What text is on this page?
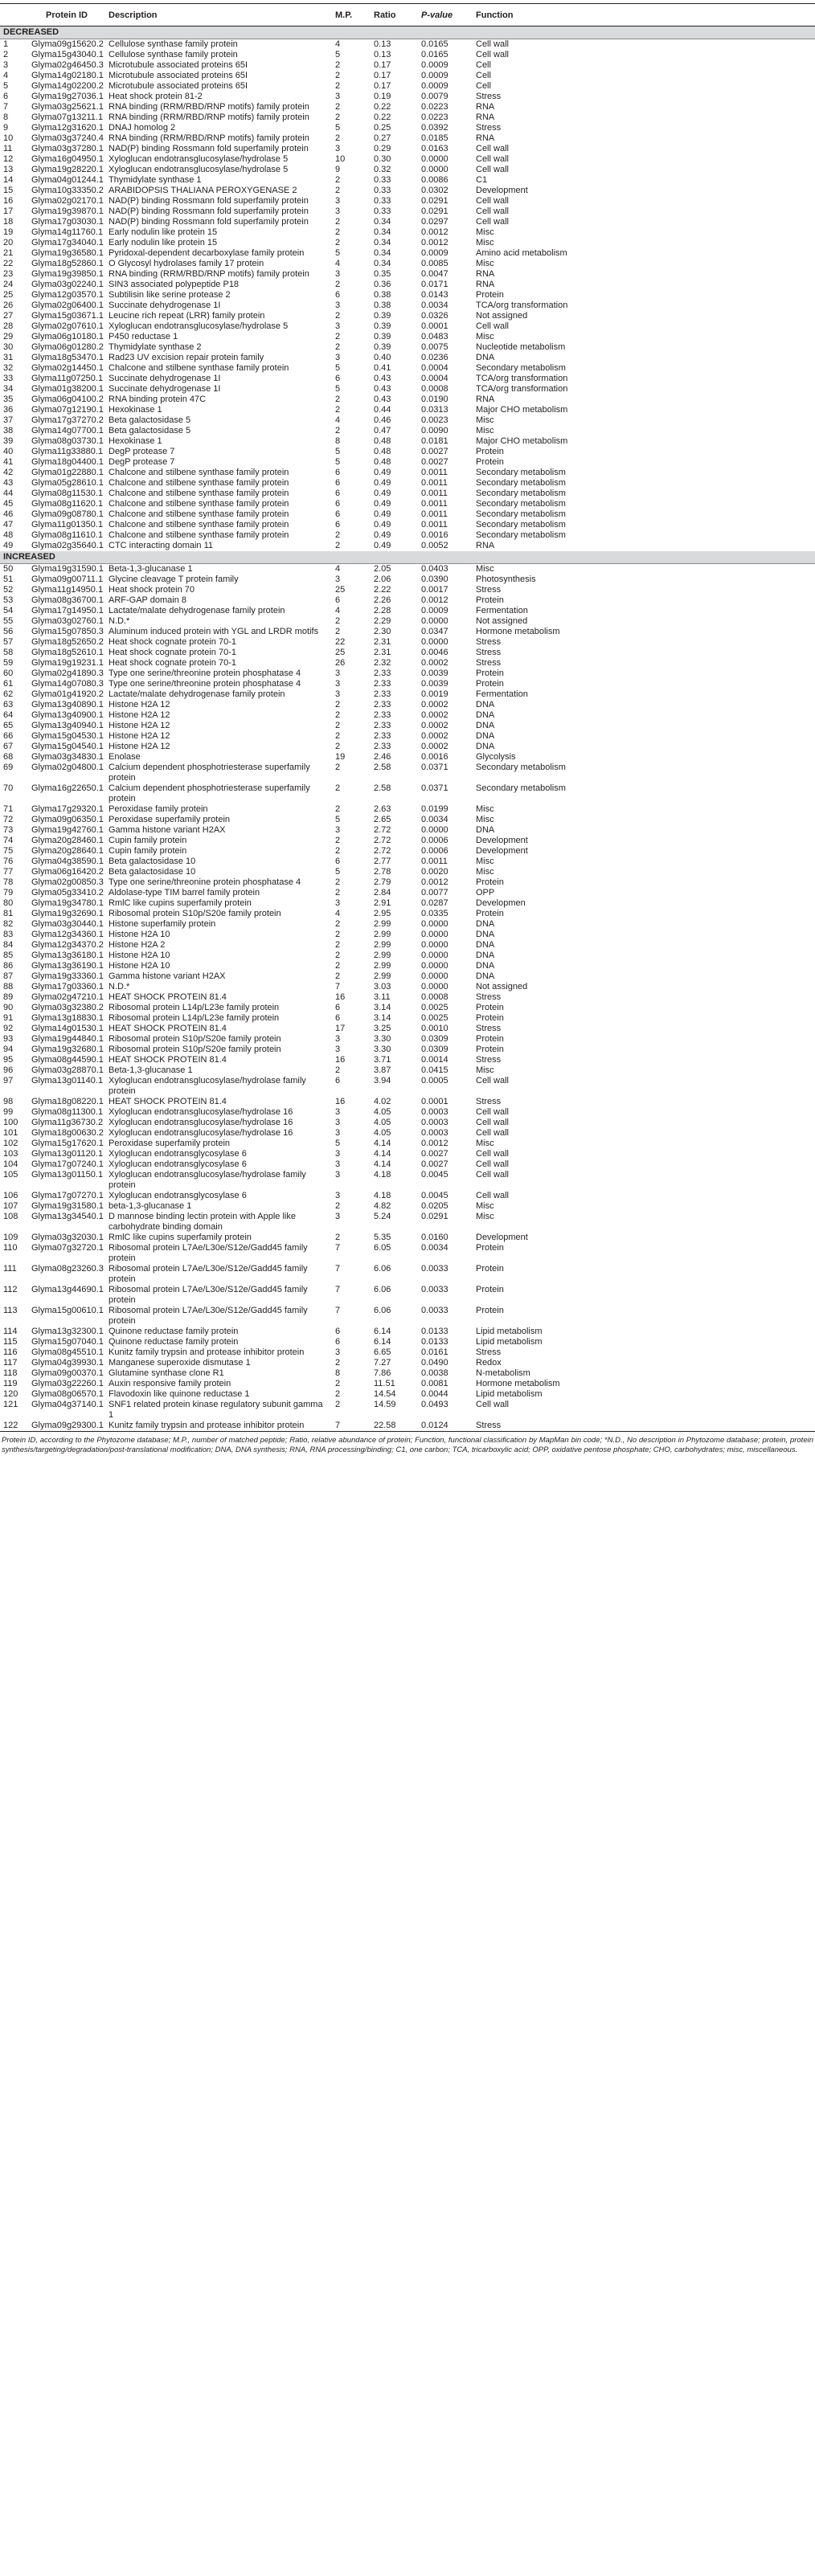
	Protein ID	Description	M.P.	Ratio	P-value	Function
DECREASED						
1	Glyma09g15620.2	Cellulose synthase family protein	4	0.13	0.0165	Cell wall
2	Glyma15g43040.1	Cellulose synthase family protein	5	0.13	0.0165	Cell wall
3	Glyma02g46450.3	Microtubule associated proteins 65I	2	0.17	0.0009	Cell
4	Glyma14g02180.1	Microtubule associated proteins 65I	2	0.17	0.0009	Cell
5	Glyma14g02200.2	Microtubule associated proteins 65I	2	0.17	0.0009	Cell
6	Glyma19g27036.1	Heat shock protein 81-2	3	0.19	0.0079	Stress
7	Glyma03g25621.1	RNA binding (RRM/RBD/RNP motifs) family protein	2	0.22	0.0223	RNA
8	Glyma07g13211.1	RNA binding (RRM/RBD/RNP motifs) family protein	2	0.22	0.0223	RNA
9	Glyma12g31620.1	DNAJ homolog 2	5	0.25	0.0392	Stress
10	Glyma03g37240.4	RNA binding (RRM/RBD/RNP motifs) family protein	2	0.27	0.0185	RNA
11	Glyma03g37280.1	NAD(P) binding Rossmann fold superfamily protein	3	0.29	0.0163	Cell wall
12	Glyma16g04950.1	Xyloglucan endotransglucosylase/hydrolase 5	10	0.30	0.0000	Cell wall
13	Glyma19g28220.1	Xyloglucan endotransglucosylase/hydrolase 5	9	0.32	0.0000	Cell wall
14	Glyma04g01244.1	Thymidylate synthase 1	2	0.33	0.0086	C1
15	Glyma10g33350.2	ARABIDOPSIS THALIANA PEROXYGENASE 2	2	0.33	0.0302	Development
16	Glyma02g02170.1	NAD(P) binding Rossmann fold superfamily protein	3	0.33	0.0291	Cell wall
17	Glyma19g39870.1	NAD(P) binding Rossmann fold superfamily protein	3	0.33	0.0291	Cell wall
18	Glyma17g03030.1	NAD(P) binding Rossmann fold superfamily protein	2	0.34	0.0297	Cell wall
19	Glyma14g11760.1	Early nodulin like protein 15	2	0.34	0.0012	Misc
20	Glyma17g34040.1	Early nodulin like protein 15	2	0.34	0.0012	Misc
21	Glyma19g36580.1	Pyridoxal-dependent decarboxylase family protein	5	0.34	0.0009	Amino acid metabolism
22	Glyma18g52860.1	O Glycosyl hydrolases family 17 protein	4	0.34	0.0085	Misc
23	Glyma19g39850.1	RNA binding (RRM/RBD/RNP motifs) family protein	3	0.35	0.0047	RNA
24	Glyma03g02240.1	SIN3 associated polypeptide P18	2	0.36	0.0171	RNA
25	Glyma12g03570.1	Subtilisin like serine protease 2	6	0.38	0.0143	Protein
26	Glyma02g06400.1	Succinate dehydrogenase 1I	3	0.38	0.0034	TCA/org transformation
27	Glyma15g03671.1	Leucine rich repeat (LRR) family protein	2	0.39	0.0326	Not assigned
28	Glyma02g07610.1	Xyloglucan endotransglucosylase/hydrolase 5	3	0.39	0.0001	Cell wall
29	Glyma06g10180.1	P450 reductase 1	2	0.39	0.0483	Misc
30	Glyma06g01280.2	Thymidylate synthase 2	2	0.39	0.0075	Nucleotide metabolism
31	Glyma18g53470.1	Rad23 UV excision repair protein family	3	0.40	0.0236	DNA
32	Glyma02g14450.1	Chalcone and stilbene synthase family protein	5	0.41	0.0004	Secondary metabolism
33	Glyma11g07250.1	Succinate dehydrogenase 1I	6	0.43	0.0004	TCA/org transformation
34	Glyma01g38200.1	Succinate dehydrogenase 1I	5	0.43	0.0008	TCA/org transformation
35	Glyma06g04100.2	RNA binding protein 47C	2	0.43	0.0190	RNA
36	Glyma07g12190.1	Hexokinase 1	2	0.44	0.0313	Major CHO metabolism
37	Glyma17g37270.2	Beta galactosidase 5	4	0.46	0.0023	Misc
38	Glyma14g07700.1	Beta galactosidase 5	2	0.47	0.0090	Misc
39	Glyma08g03730.1	Hexokinase 1	8	0.48	0.0181	Major CHO metabolism
40	Glyma11g33880.1	DegP protease 7	5	0.48	0.0027	Protein
41	Glyma18g04400.1	DegP protease 7	5	0.48	0.0027	Protein
42	Glyma01g22880.1	Chalcone and stilbene synthase family protein	6	0.49	0.0011	Secondary metabolism
43	Glyma05g28610.1	Chalcone and stilbene synthase family protein	6	0.49	0.0011	Secondary metabolism
44	Glyma08g11530.1	Chalcone and stilbene synthase family protein	6	0.49	0.0011	Secondary metabolism
45	Glyma08g11620.1	Chalcone and stilbene synthase family protein	6	0.49	0.0011	Secondary metabolism
46	Glyma09g08780.1	Chalcone and stilbene synthase family protein	6	0.49	0.0011	Secondary metabolism
47	Glyma11g01350.1	Chalcone and stilbene synthase family protein	6	0.49	0.0011	Secondary metabolism
48	Glyma08g11610.1	Chalcone and stilbene synthase family protein	2	0.49	0.0016	Secondary metabolism
49	Glyma02g35640.1	CTC interacting domain 11	2	0.49	0.0052	RNA
INCREASED						
50	Glyma19g31590.1	Beta-1,3-glucanase 1	4	2.05	0.0403	Misc
51	Glyma09g00711.1	Glycine cleavage T protein family	3	2.06	0.0390	Photosynthesis
52	Glyma11g14950.1	Heat shock protein 70	25	2.22	0.0017	Stress
53	Glyma08g36700.1	ARF-GAP domain 8	6	2.26	0.0012	Protein
54	Glyma17g14950.1	Lactate/malate dehydrogenase family protein	4	2.28	0.0009	Fermentation
55	Glyma03g02760.1	N.D.*	2	2.29	0.0000	Not assigned
56	Glyma15g07850.3	Aluminum induced protein with YGL and LRDR motifs	2	2.30	0.0347	Hormone metabolism
57	Glyma18g52650.2	Heat shock cognate protein 70-1	22	2.31	0.0000	Stress
58	Glyma18g52610.1	Heat shock cognate protein 70-1	25	2.31	0.0046	Stress
59	Glyma19g19231.1	Heat shock cognate protein 70-1	26	2.32	0.0002	Stress
60	Glyma02g41890.3	Type one serine/threonine protein phosphatase 4	3	2.33	0.0039	Protein
61	Glyma14g07080.3	Type one serine/threonine protein phosphatase 4	3	2.33	0.0039	Protein
62	Glyma01g41920.2	Lactate/malate dehydrogenase family protein	3	2.33	0.0019	Fermentation
63	Glyma13g40890.1	Histone H2A 12	2	2.33	0.0002	DNA
64	Glyma13g40900.1	Histone H2A 12	2	2.33	0.0002	DNA
65	Glyma13g40940.1	Histone H2A 12	2	2.33	0.0002	DNA
66	Glyma15g04530.1	Histone H2A 12	2	2.33	0.0002	DNA
67	Glyma15g04540.1	Histone H2A 12	2	2.33	0.0002	DNA
68	Glyma03g34830.1	Enolase	19	2.46	0.0016	Glycolysis
69	Glyma02g04800.1	Calcium dependent phosphotriesterase superfamily protein	2	2.58	0.0371	Secondary metabolism
70	Glyma16g22650.1	Calcium dependent phosphotriesterase superfamily protein	2	2.58	0.0371	Secondary metabolism
71	Glyma17g29320.1	Peroxidase family protein	2	2.63	0.0199	Misc
72	Glyma09g06350.1	Peroxidase superfamily protein	5	2.65	0.0034	Misc
73	Glyma19g42760.1	Gamma histone variant H2AX	3	2.72	0.0000	DNA
74	Glyma20g28460.1	Cupin family protein	2	2.72	0.0006	Development
75	Glyma20g28640.1	Cupin family protein	2	2.72	0.0006	Development
76	Glyma04g38590.1	Beta galactosidase 10	6	2.77	0.0011	Misc
77	Glyma06g16420.2	Beta galactosidase 10	5	2.78	0.0020	Misc
78	Glyma02g00850.3	Type one serine/threonine protein phosphatase 4	2	2.79	0.0012	Protein
79	Glyma05g33410.2	Aldolase-type TIM barrel family protein	2	2.84	0.0077	OPP
80	Glyma19g34780.1	RmlC like cupins superfamily protein	3	2.91	0.0287	Developmen
81	Glyma19g32690.1	Ribosomal protein S10p/S20e family protein	4	2.95	0.0335	Protein
82	Glyma03g30440.1	Histone superfamily protein	2	2.99	0.0000	DNA
83	Glyma12g34360.1	Histone H2A 10	2	2.99	0.0000	DNA
84	Glyma12g34370.2	Histone H2A 2	2	2.99	0.0000	DNA
85	Glyma13g36180.1	Histone H2A 10	2	2.99	0.0000	DNA
86	Glyma13g36190.1	Histone H2A 10	2	2.99	0.0000	DNA
87	Glyma19g33360.1	Gamma histone variant H2AX	2	2.99	0.0000	DNA
88	Glyma17g03360.1	N.D.*	7	3.03	0.0000	Not assigned
89	Glyma02g47210.1	HEAT SHOCK PROTEIN 81.4	16	3.11	0.0008	Stress
90	Glyma03g32380.2	Ribosomal protein L14p/L23e family protein	6	3.14	0.0025	Protein
91	Glyma13g18830.1	Ribosomal protein L14p/L23e family protein	6	3.14	0.0025	Protein
92	Glyma14g01530.1	HEAT SHOCK PROTEIN 81.4	17	3.25	0.0010	Stress
93	Glyma19g44840.1	Ribosomal protein S10p/S20e family protein	3	3.30	0.0309	Protein
94	Glyma19g32680.1	Ribosomal protein S10p/S20e family protein	3	3.30	0.0309	Protein
95	Glyma08g44590.1	HEAT SHOCK PROTEIN 81.4	16	3.71	0.0014	Stress
96	Glyma03g28870.1	Beta-1,3-glucanase 1	2	3.87	0.0415	Misc
97	Glyma13g01140.1	Xyloglucan endotransglucosylase/hydrolase family protein	6	3.94	0.0005	Cell wall
98	Glyma18g08220.1	HEAT SHOCK PROTEIN 81.4	16	4.02	0.0001	Stress
99	Glyma08g11300.1	Xyloglucan endotransglucosylase/hydrolase 16	3	4.05	0.0003	Cell wall
100	Glyma11g36730.2	Xyloglucan endotransglucosylase/hydrolase 16	3	4.05	0.0003	Cell wall
101	Glyma18g00630.2	Xyloglucan endotransglucosylase/hydrolase 16	3	4.05	0.0003	Cell wall
102	Glyma15g17620.1	Peroxidase superfamily protein	5	4.14	0.0012	Misc
103	Glyma13g01120.1	Xyloglucan endotransglycosylase 6	3	4.14	0.0027	Cell wall
104	Glyma17g07240.1	Xyloglucan endotransglycosylase 6	3	4.14	0.0027	Cell wall
105	Glyma13g01150.1	Xyloglucan endotransglucosylase/hydrolase family protein	3	4.18	0.0045	Cell wall
106	Glyma17g07270.1	Xyloglucan endotransglycosylase 6	3	4.18	0.0045	Cell wall
107	Glyma19g31580.1	beta-1,3-glucanase 1	2	4.82	0.0205	Misc
108	Glyma13g34540.1	D mannose binding lectin protein with Apple like carbohydrate binding domain	3	5.24	0.0291	Misc
109	Glyma03g32030.1	RmlC like cupins superfamily protein	2	5.35	0.0160	Development
110	Glyma07g32720.1	Ribosomal protein L7Ae/L30e/S12e/Gadd45 family protein	7	6.05	0.0034	Protein
111	Glyma08g23260.3	Ribosomal protein L7Ae/L30e/S12e/Gadd45 family protein	7	6.06	0.0033	Protein
112	Glyma13g44690.1	Ribosomal protein L7Ae/L30e/S12e/Gadd45 family protein	7	6.06	0.0033	Protein
113	Glyma15g00610.1	Ribosomal protein L7Ae/L30e/S12e/Gadd45 family protein	7	6.06	0.0033	Protein
114	Glyma13g32300.1	Quinone reductase family protein	6	6.14	0.0133	Lipid metabolism
115	Glyma15g07040.1	Quinone reductase family protein	6	6.14	0.0133	Lipid metabolism
116	Glyma08g45510.1	Kunitz family trypsin and protease inhibitor protein	3	6.65	0.0161	Stress
117	Glyma04g39930.1	Manganese superoxide dismutase 1	2	7.27	0.0490	Redox
118	Glyma09g00370.1	Glutamine synthase clone R1	8	7.86	0.0038	N-metabolism
119	Glyma03g22260.1	Auxin responsive family protein	2	11.51	0.0081	Hormone metabolism
120	Glyma08g06570.1	Flavodoxin like quinone reductase 1	2	14.54	0.0044	Lipid metabolism
121	Glyma04g37140.1	SNF1 related protein kinase regulatory subunit gamma 1	2	14.59	0.0493	Cell wall
122	Glyma09g29300.1	Kunitz family trypsin and protease inhibitor protein	7	22.58	0.0124	Stress

Protein ID, according to the Phytozome database; M.P., number of matched peptide; Ratio, relative abundance of protein; Function, functional classification by MapMan bin code; *N.D., No description in Phytozome database; protein, protein synthesis/targeting/degradation/post-translational modification; DNA, DNA synthesis; RNA, RNA processing/binding; C1, one carbon; TCA, tricarboxylic acid; OPP, oxidative pentose phosphate; CHO, carbohydrates; misc, miscellaneous.
